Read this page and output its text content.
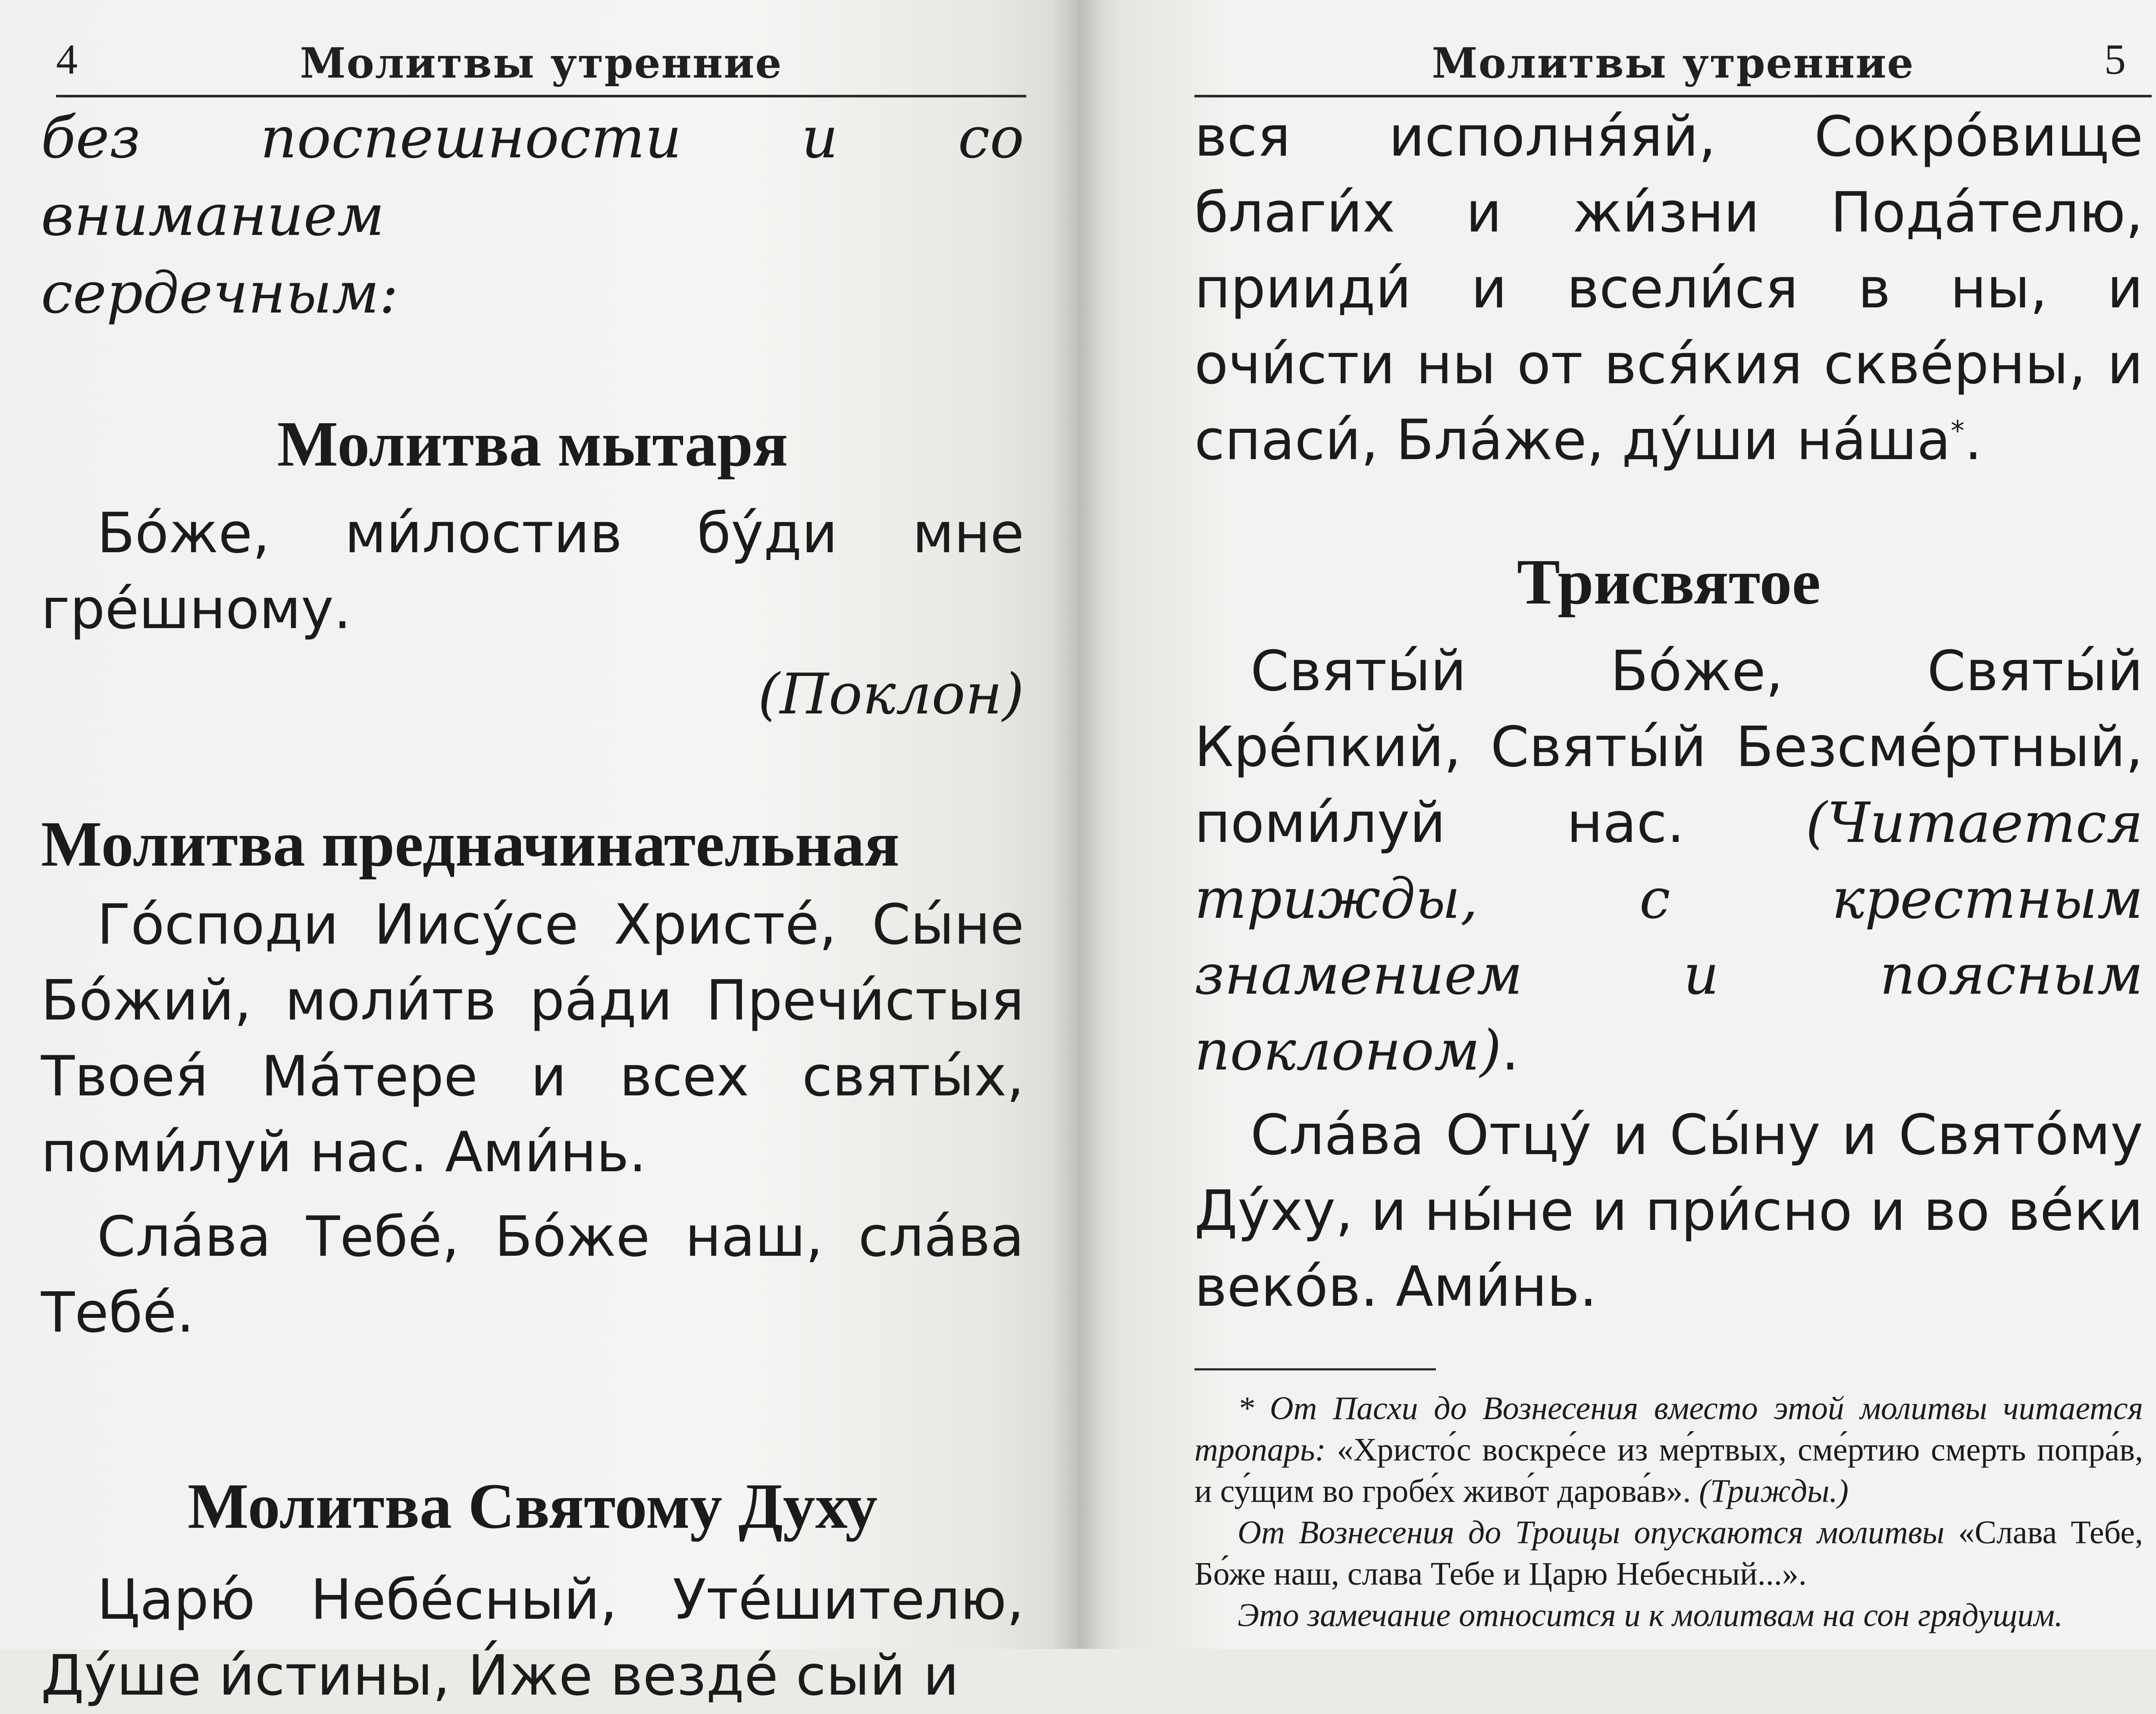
4	Молитвы утренние

без поспешности и со вниманием

сердечным:

Молитва мытаря

Бо́же, ми́лостив бу́ди мне гре́шному.

(Поклон)

Молитва предначинательная

Го́споди Иису́се Христе́, Сы́не Бо́жий, моли́тв ра́ди Пречи́стыя Твоея́ Ма́тере и всех святы́х, поми́луй нас. Ами́нь.

Сла́ва Тебе́, Бо́же наш, сла́ва Тебе́.

Молитва Святому Духу

Царю́ Небе́сный, Уте́шителю, Ду́ше и́стины, И́же везде́ сый и

Молитвы утренние	5

вся исполня́яй, Сокро́вище благи́х и жи́зни Пода́телю, прииди́ и всели́ся в ны, и очи́сти ны от вся́кия скве́рны, и спаси́, Бла́же, ду́ши на́ша*.

Трисвятое

Святы́й Бо́же, Святы́й Кре́пкий, Святы́й Безсме́ртный, поми́луй нас. (Читается трижды, с крестным знамением и поясным поклоном).

Сла́ва Отцу́ и Сы́ну и Свято́му Ду́ху, и ны́не и при́сно и во ве́ки веко́в. Ами́нь.

* От Пасхи до Вознесения вместо этой молитвы читается тропарь: «Христо́с воскре́се из ме́ртвых, сме́ртию смерть попра́в, и су́щим во гробе́х живо́т дарова́в». (Трижды.)

От Вознесения до Троицы опускаются молитвы «Слава Тебе, Бо́же наш, слава Тебе и Царю Небесный...».

Это замечание относится и к молитвам на сон грядущим.
